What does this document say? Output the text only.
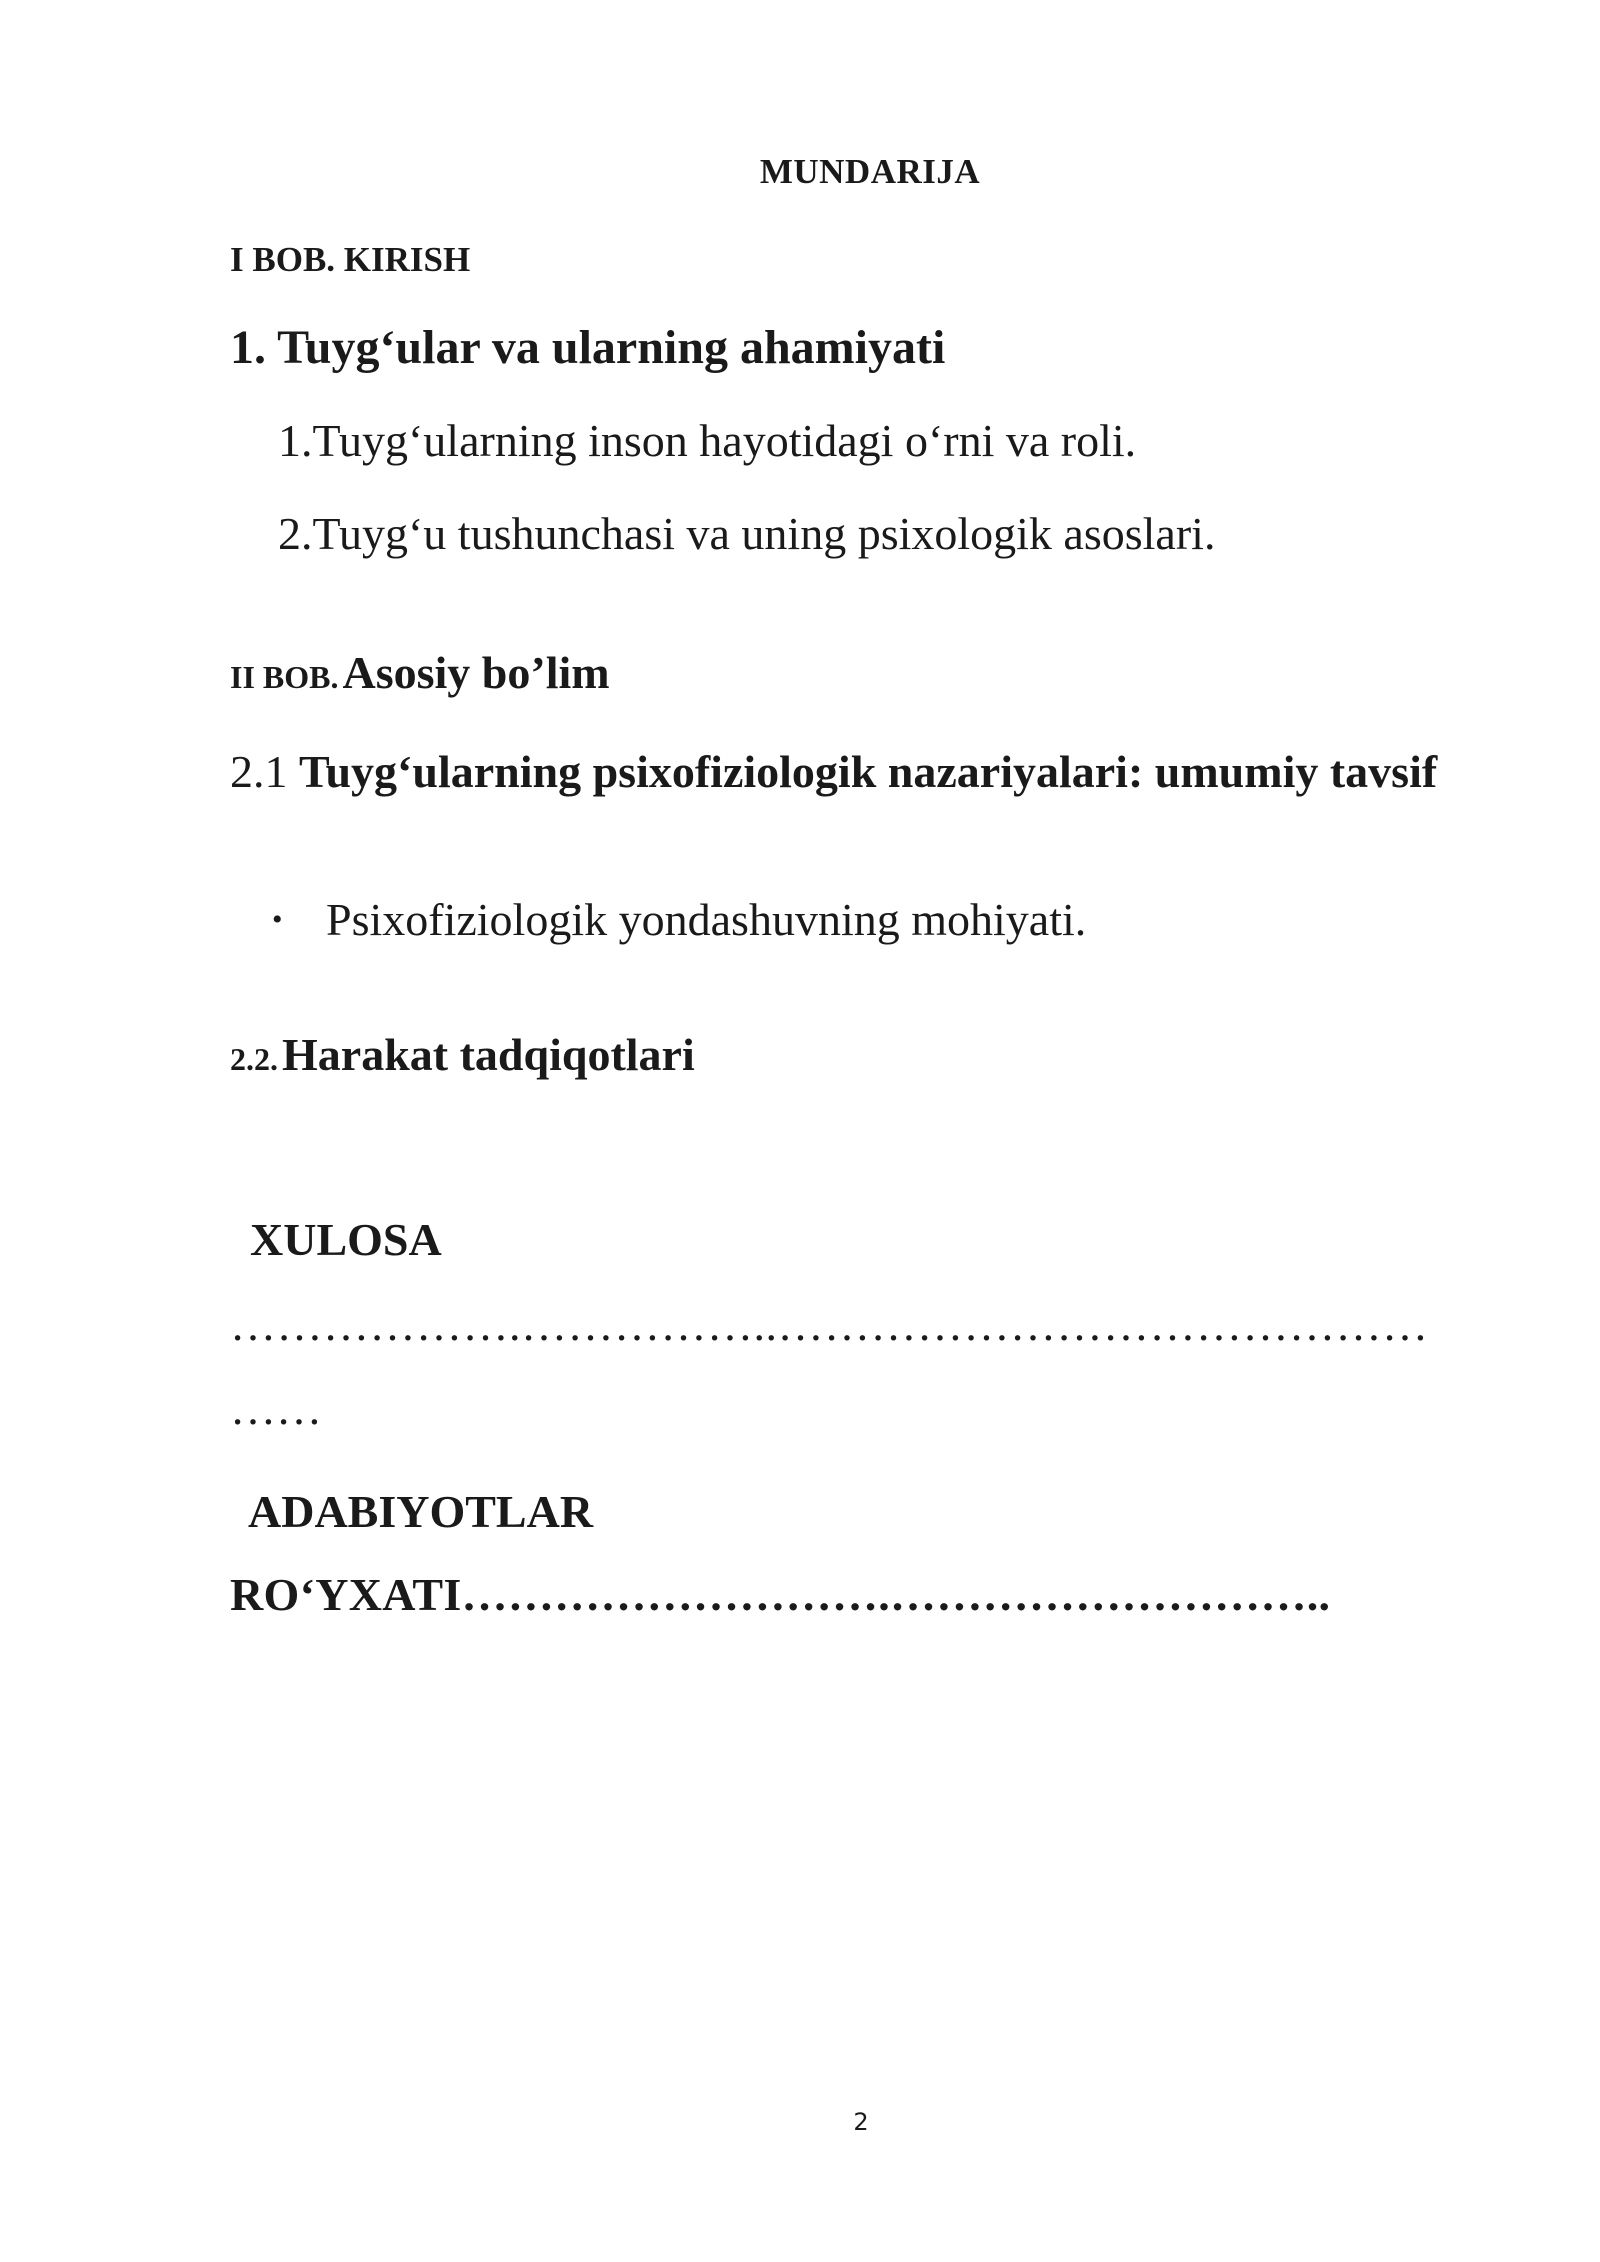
MUNDARIJA
I BOB. KIRISH
1. Tuyg‘ular va ularning ahamiyati
1.Tuyg‘ularning inson hayotidagi o‘rni va roli.
2.Tuyg‘u tushunchasi va uning psixologik asoslari.
II BOB. Asosiy bo’lim
2.1 Tuyg‘ularning psixofiziologik nazariyalari: umumiy tavsif
• Psixofiziologik yondashuvning mohiyati.
2.2. Harakat tadqiqotlari
XULOSA
……………….……………..……………………………………
……
ADABIYOTLAR
RO‘YXATI……………………….………………………..
2
